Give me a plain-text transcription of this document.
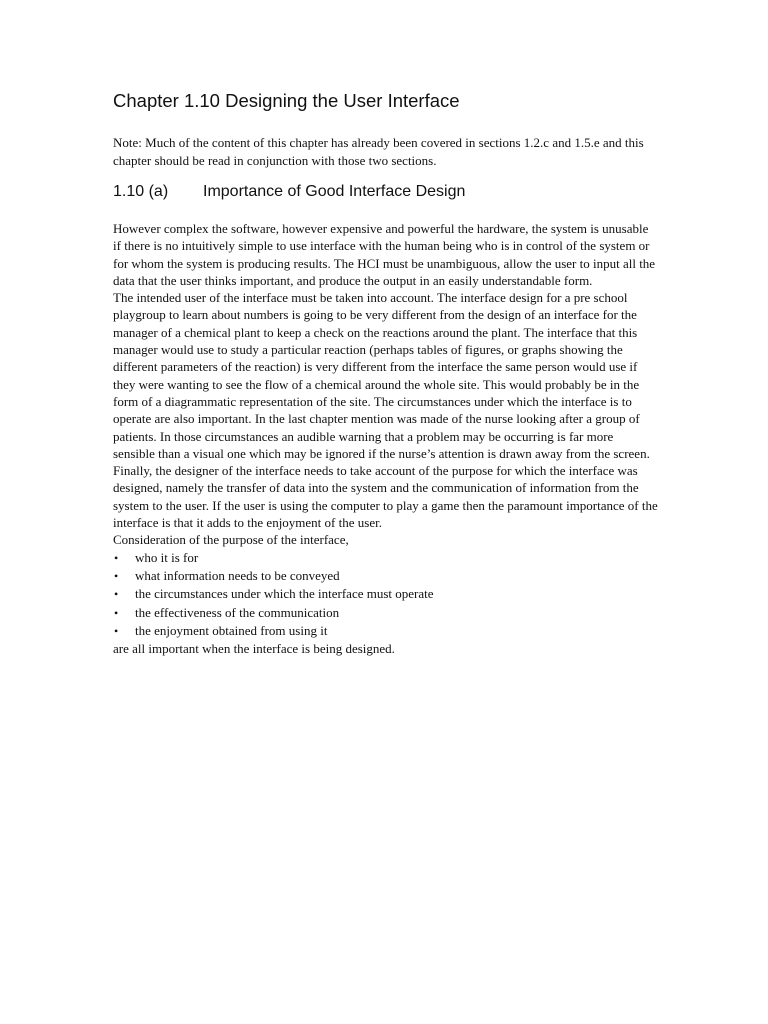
Chapter 1.10 Designing the User Interface

Note: Much of the content of this chapter has already been covered in sections 1.2.c and 1.5.e and this chapter should be read in conjunction with those two sections.

1.10 (a) Importance of Good Interface Design

However complex the software, however expensive and powerful the hardware, the system is unusable if there is no intuitively simple to use interface with the human being who is in control of the system or for whom the system is producing results. The HCI must be unambiguous, allow the user to input all the data that the user thinks important, and produce the output in an easily understandable form.

The intended user of the interface must be taken into account. The interface design for a pre school playgroup to learn about numbers is going to be very different from the design of an interface for the manager of a chemical plant to keep a check on the reactions around the plant. The interface that this manager would use to study a particular reaction (perhaps tables of figures, or graphs showing the different parameters of the reaction) is very different from the interface the same person would use if they were wanting to see the flow of a chemical around the whole site. This would probably be in the form of a diagrammatic representation of the site. The circumstances under which the interface is to operate are also important. In the last chapter mention was made of the nurse looking after a group of patients. In those circumstances an audible warning that a problem may be occurring is far more sensible than a visual one which may be ignored if the nurse’s attention is drawn away from the screen. Finally, the designer of the interface needs to take account of the purpose for which the interface was designed, namely the transfer of data into the system and the communication of information from the system to the user. If the user is using the computer to play a game then the paramount importance of the interface is that it adds to the enjoyment of the user.

Consideration of the purpose of the interface,

• who it is for
• what information needs to be conveyed
• the circumstances under which the interface must operate
• the effectiveness of the communication
• the enjoyment obtained from using it

are all important when the interface is being designed.
